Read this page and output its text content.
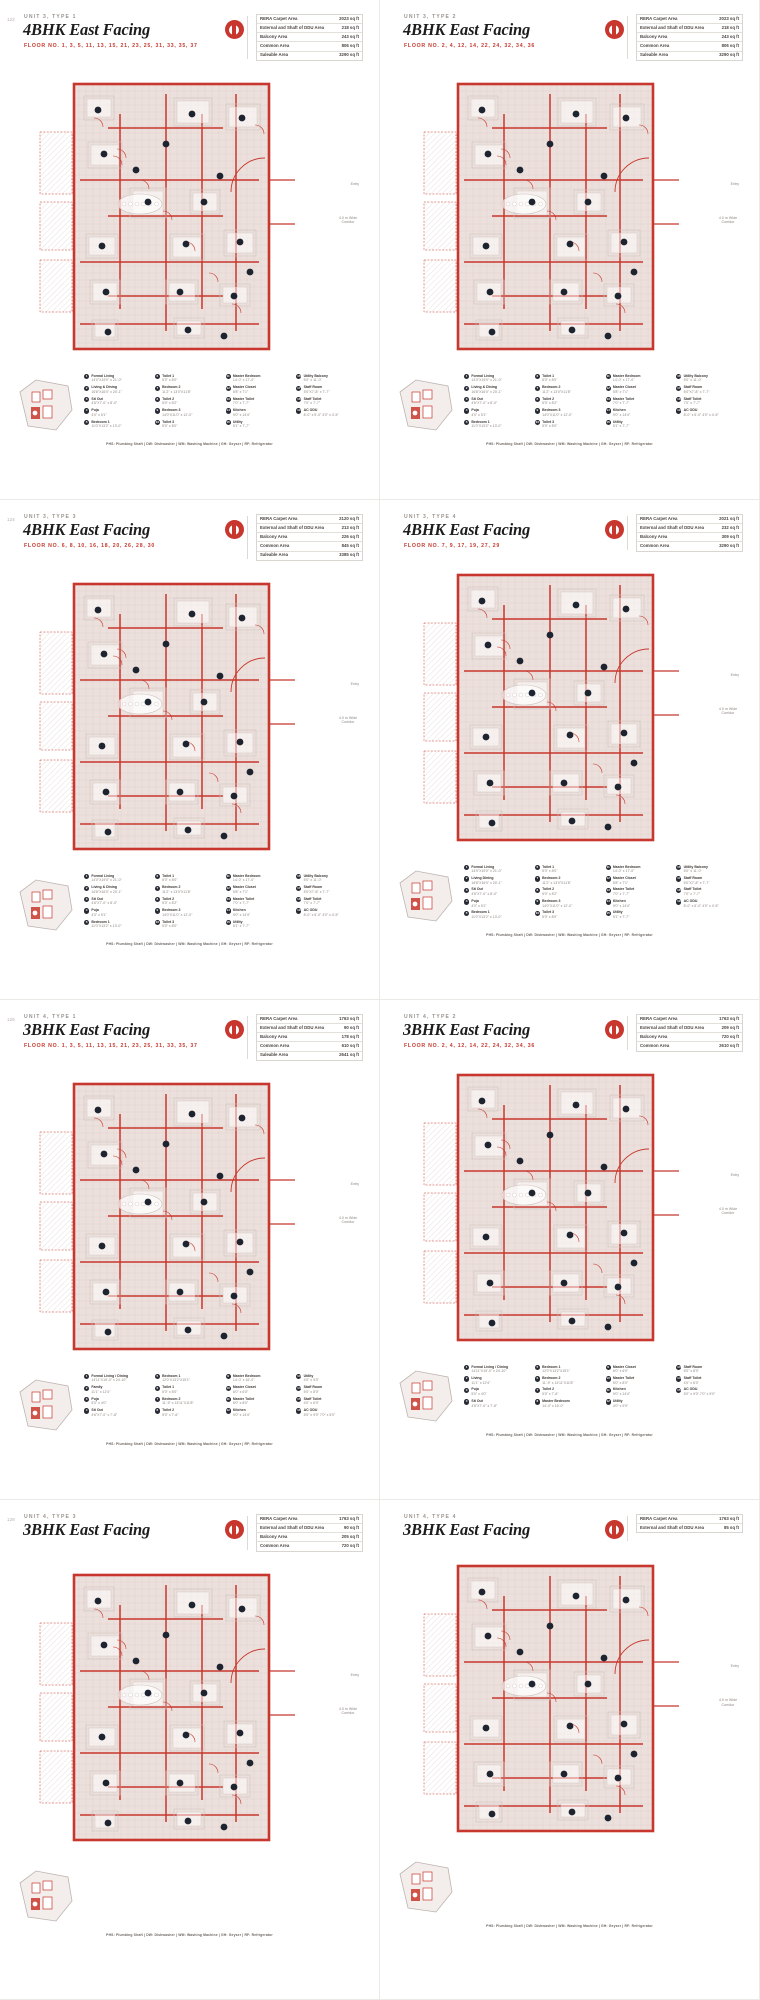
122 UNIT 3, TYPE 1
4BHK East Facing
FLOOR NO. 1, 3, 5, 11, 13, 15, 21, 23, 25, 31, 33, 35, 37
RERA Carpet Area	2023 sq ft
External and Shaft of DDU Area	218 sq ft
Balcony Area	243 sq ft
Common Area	806 sq ft
Saleable Area	3290 sq ft
Entry
4.0 m Wide Corridor
1	Formal Living
14'0"X19'0" x 21'-0"
2	Living & Dining
16'8"X16'0" x 20'-1"
3	Sit Out
4'6"X7'-0" x 8'-0"
4	Puja
4'0" x 5'1"
5	Bedroom 1
11'0"X13'2" x 13'-0"
6	Toilet 1
5'0" x 8'0"
7	Bedroom 2
11'2" x 13'0"X11'8"
8	Toilet 2
5'0" x 8'2"
9	Bedroom 3
14'0"X11'0" x 12'-0"
10 Toilet 3
5'0" x 8'0"
11 Master Bedroom
14'-0" x 17'-0"
12 Master Closet
5'8" x 7'1"
13 Master Toilet
7'0" x 7'-7"
14 Kitchen
9'0" x 14'4"
15 Utility
5'1" x 7'-7"
16 Utility Balcony
5'0" x 11'-0"
17 Staff Room
5'0"X7'-8" x 7'-7"
18 Staff Toilet
7'0" x 7'-7"
19 AC ODU
8'-0" x 5'-0" 4'0" x 4'-5"
PHS: Plumbing Shaft | DW: Dishwasher | WM: Washing Machine | GH: Geyser | RF: Refrigerator
UNIT 3, TYPE 2
4BHK East Facing
FLOOR NO. 2, 4, 12, 14, 22, 24, 32, 34, 36
RERA Carpet Area	2023 sq ft
External and Shaft of DDU Area	218 sq ft
Balcony Area	243 sq ft
Common Area	806 sq ft
Saleable Area	3290 sq ft
Entry
4.0 m Wide Corridor
1	Formal Living
14'0"X19'0" x 21'-0"
2	Living & Dining
16'8"X16'0" x 20'-1"
3	Sit Out
4'6"X7'-0" x 8'-0"
4	Puja
4'0" x 5'1"
5	Bedroom 1
11'0"X13'2" x 13'-0"
6	Toilet 1
5'0" x 8'0"
7	Bedroom 2
11'2" x 13'0"X11'8"
8	Toilet 2
5'0" x 8'2"
9	Bedroom 3
14'0"X11'0" x 12'-0"
10 Toilet 3
5'0" x 8'0"
11 Master Bedroom
14'-0" x 17'-0"
12 Master Closet
5'8" x 7'1"
13 Master Toilet
7'0" x 7'-7"
14 Kitchen
9'0" x 14'4"
15 Utility
5'1" x 7'-7"
16 Utility Balcony
5'0" x 11'-0"
17 Staff Room
5'0"X7'-8" x 7'-7"
18 Staff Toilet
7'0" x 7'-7"
19 AC ODU
8'-0" x 5'-0" 4'0" x 4'-5"
PHS: Plumbing Shaft | DW: Dishwasher | WM: Washing Machine | GH: Geyser | RF: Refrigerator
124 UNIT 3, TYPE 3
4BHK East Facing
FLOOR NO. 6, 8, 10, 16, 18, 20, 26, 28, 30
RERA Carpet Area	2120 sq ft
External and Shaft of DDU Area	213 sq ft
Balcony Area	226 sq ft
Common Area	845 sq ft
Saleable Area	3385 sq ft
Entry
4.0 m Wide Corridor
1	Formal Living
14'0"X19'0" x 21'-0"
2	Living & Dining
16'8"X16'0" x 20'-1"
3	Sit Out
4'6"X7'-0" x 8'-0"
4	Puja
4'0" x 5'1"
5	Bedroom 1
11'0"X13'2" x 13'-0"
6	Toilet 1
5'0" x 8'0"
7	Bedroom 2
11'2" x 13'0"X11'8"
8	Toilet 2
5'0" x 8'2"
9	Bedroom 3
14'0"X11'0" x 12'-0"
10 Toilet 3
5'0" x 8'0"
11 Master Bedroom
14'-0" x 17'-0"
12 Master Closet
5'8" x 7'1"
13 Master Toilet
7'0" x 7'-7"
14 Kitchen
9'0" x 14'4"
15 Utility
5'1" x 7'-7"
16 Utility Balcony
5'0" x 11'-0"
17 Staff Room
5'0"X7'-8" x 7'-7"
18 Staff Toilet
7'0" x 7'-7"
19 AC ODU
8'-0" x 5'-0" 4'0" x 4'-5"
PHS: Plumbing Shaft | DW: Dishwasher | WM: Washing Machine | GH: Geyser | RF: Refrigerator
UNIT 3, TYPE 4
4BHK East Facing
FLOOR NO. 7, 9, 17, 19, 27, 29
RERA Carpet Area	2021 sq ft
External and Shaft of DDU Area	232 sq ft
Balcony Area	309 sq ft
Common Area	3290 sq ft
Entry
4.0 m Wide Corridor
1	Formal Living
14'0"X19'0" x 21'-0"
2	Living Dining
16'8"X16'0" x 20'-1"
3	Sit Out
4'6"X7'-0" x 8'-0"
4	Puja
4'0" x 5'1"
5	Bedroom 1
11'0"X13'2" x 13'-0"
6	Toilet 1
5'0" x 8'0"
7	Bedroom 2
11'2" x 13'0"X11'8"
8	Toilet 2
5'0" x 8'2"
9	Bedroom 3
14'0"X11'0" x 12'-0"
10 Toilet 3
5'0" x 8'0"
11 Master Bedroom
14'-0" x 17'-0"
12 Master Closet
5'8" x 7'1"
13 Master Toilet
7'0" x 7'-7"
14 Kitchen
9'0" x 14'4"
15 Utility
5'1" x 7'-7"
16 Utility Balcony
5'0" x 11'-0"
17 Staff Room
5'0"X7'-8" x 7'-7"
18 Staff Toilet
7'0" x 7'-7"
19 AC ODU
8'-0" x 5'-0" 4'0" x 4'-5"
PHS: Plumbing Shaft | DW: Dishwasher | WM: Washing Machine | GH: Geyser | RF: Refrigerator
126 UNIT 4, TYPE 1
3BHK East Facing
FLOOR NO. 1, 3, 5, 11, 13, 15, 21, 23, 25, 31, 33, 35, 37
RERA Carpet Area	1763 sq ft
External and Shaft of DDU Area	90 sq ft
Balcony Area	178 sq ft
Common Area	610 sq ft
Saleable Area	2641 sq ft
Entry
4.0 m Wide Corridor
1	Formal Living / Dining
14'11"X19'-0" x 24'-10"
2	Family
11'1" x 12'4"
3	Puja
5'0" x 4'0"
4	Sit Out
4'6"X7'-0" x 7'-8"
5	Bedroom 1
12'0"X13'2"X15'1"
6	Toilet 1
5'0" x 8'0"
7	Bedroom 2
11'-9" x 13'11"X11'8"
8	Toilet 2
5'0" x 7'-6"
9	Master Bedroom
14'-0" x 16'-0"
10 Master Closet
6'0" x 6'0"
11 Master Toilet
5'0" x 8'0"
12 Kitchen
9'0" x 14'4"
13 Utility
4'0" x 9'0"
14 Staff Room
5'0" x 8'0"
15 Staff Toilet
4'0" x 6'0"
16 AC ODU
5'0" x 9'0" 7'0" x 5'0"
PHS: Plumbing Shaft | DW: Dishwasher | WM: Washing Machine | GH: Geyser | RF: Refrigerator
UNIT 4, TYPE 2
3BHK East Facing
FLOOR NO. 2, 4, 12, 14, 22, 24, 32, 34, 36
RERA Carpet Area	1763 sq ft
External and Shaft of DDU Area	209 sq ft
Balcony Area	720 sq ft
Common Area	2610 sq ft
Entry
4.0 m Wide Corridor
1	Formal Living / Dining
14'11"X19'-0" x 24'-10"
2	Living
11'1" x 12'4"
3	Puja
5'0" x 4'0"
4	Sit Out
4'6"X7'-0" x 7'-8"
5	Bedroom 1
12'0"X13'2"X15'1"
6	Bedroom 2
11'-9" x 13'11"X11'8"
7	Toilet 2
5'0" x 7'-6"
8	Master Bedroom
14'-0" x 16'-0"
9	Master Closet
6'0" x 6'0"
10 Master Toilet
5'0" x 8'0"
11 Kitchen
9'0" x 14'4"
12 Utility
4'0" x 9'0"
13 Staff Room
5'0" x 8'0"
14 Staff Toilet
4'0" x 6'0"
15 AC ODU
5'0" x 9'0" 7'0" x 5'0"
PHS: Plumbing Shaft | DW: Dishwasher | WM: Washing Machine | GH: Geyser | RF: Refrigerator
128 UNIT 4, TYPE 3
3BHK East Facing
RERA Carpet Area	1763 sq ft
External and Shaft of DDU Area	90 sq ft
Balcony Area	205 sq ft
Common Area	720 sq ft
Entry
4.0 m Wide Corridor
PHS: Plumbing Shaft | DW: Dishwasher | WM: Washing Machine | GH: Geyser | RF: Refrigerator
UNIT 4, TYPE 4
3BHK East Facing
RERA Carpet Area	1763 sq ft
External and Shaft of DDU Area	85 sq ft
Entry
4.0 m Wide Corridor
PHS: Plumbing Shaft | DW: Dishwasher | WM: Washing Machine | GH: Geyser | RF: Refrigerator
